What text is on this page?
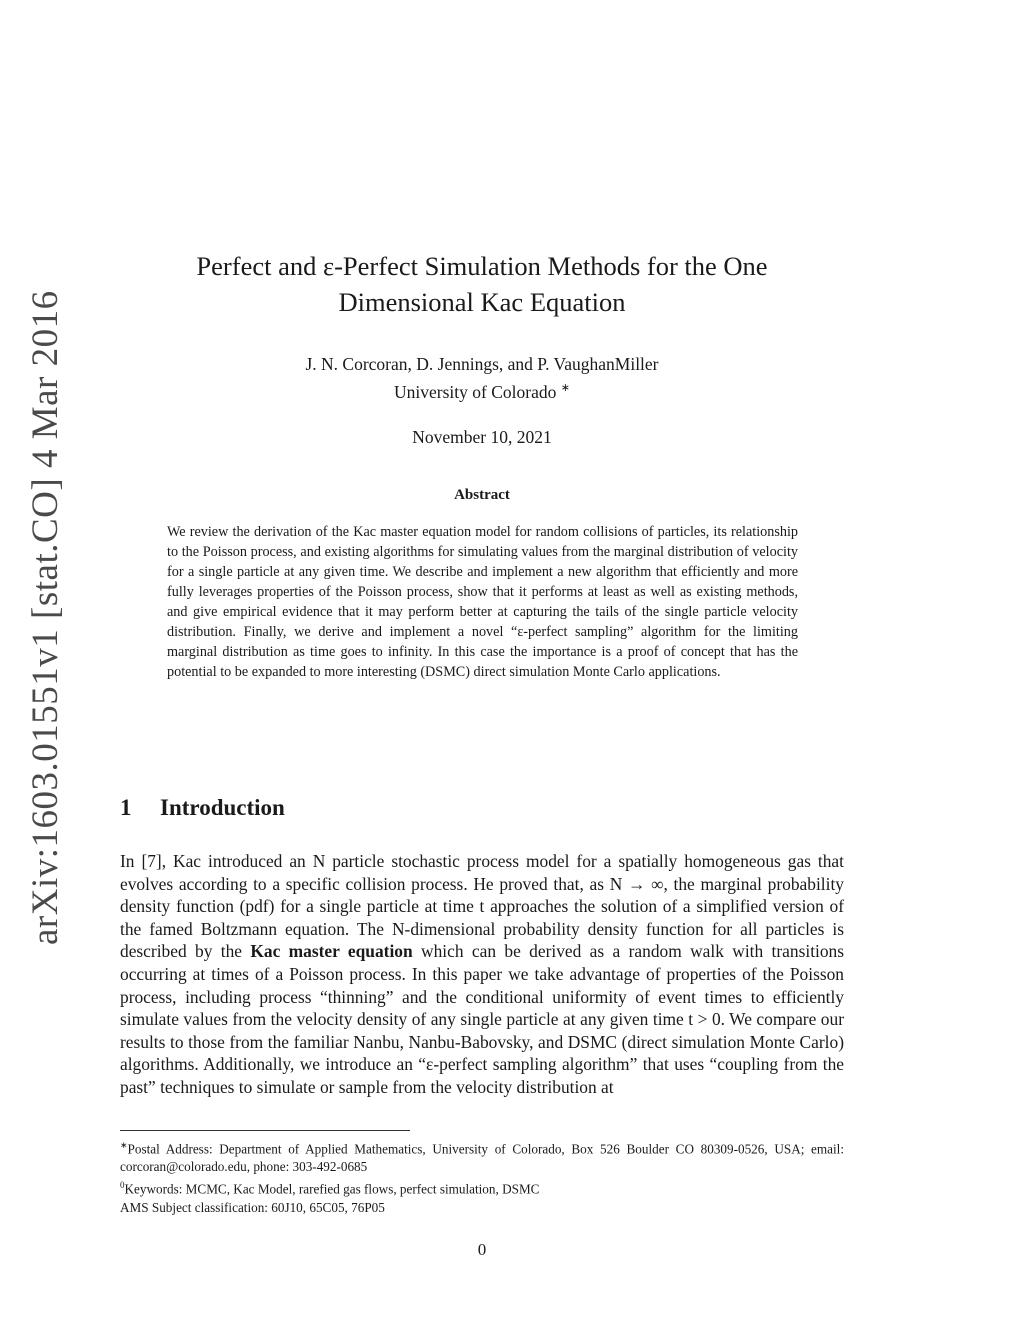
arXiv:1603.01551v1 [stat.CO] 4 Mar 2016
Perfect and ε-Perfect Simulation Methods for the One
Dimensional Kac Equation
J. N. Corcoran, D. Jennings, and P. VaughanMiller
University of Colorado ∗
November 10, 2021
Abstract

We review the derivation of the Kac master equation model for random collisions of particles, its relationship to the Poisson process, and existing algorithms for simulating values from the marginal distribution of velocity for a single particle at any given time. We describe and implement a new algorithm that efficiently and more fully leverages properties of the Poisson process, show that it performs at least as well as existing methods, and give empirical evidence that it may perform better at capturing the tails of the single particle velocity distribution. Finally, we derive and implement a novel “ε-perfect sampling” algorithm for the limiting marginal distribution as time goes to infinity. In this case the importance is a proof of concept that has the potential to be expanded to more interesting (DSMC) direct simulation Monte Carlo applications.

1 Introduction

In [7], Kac introduced an N particle stochastic process model for a spatially homogeneous gas that evolves according to a specific collision process. He proved that, as N → ∞, the marginal probability density function (pdf) for a single particle at time t approaches the solution of a simplified version of the famed Boltzmann equation. The N-dimensional probability density function for all particles is described by the Kac master equation which can be derived as a random walk with transitions occurring at times of a Poisson process. In this paper we take advantage of properties of the Poisson process, including process “thinning” and the conditional uniformity of event times to efficiently simulate values from the velocity density of any single particle at any given time t > 0. We compare our results to those from the familiar Nanbu, Nanbu-Babovsky, and DSMC (direct simulation Monte Carlo) algorithms. Additionally, we introduce an “ε-perfect sampling algorithm” that uses “coupling from the past” techniques to simulate or sample from the velocity distribution at

∗Postal Address: Department of Applied Mathematics, University of Colorado, Box 526 Boulder CO 80309-0526, USA; email: corcoran@colorado.edu, phone: 303-492-0685

$^0$Keywords: MCMC, Kac Model, rarefied gas flows, perfect simulation, DSMC

AMS Subject classification: 60J10, 65C05, 76P05

0
